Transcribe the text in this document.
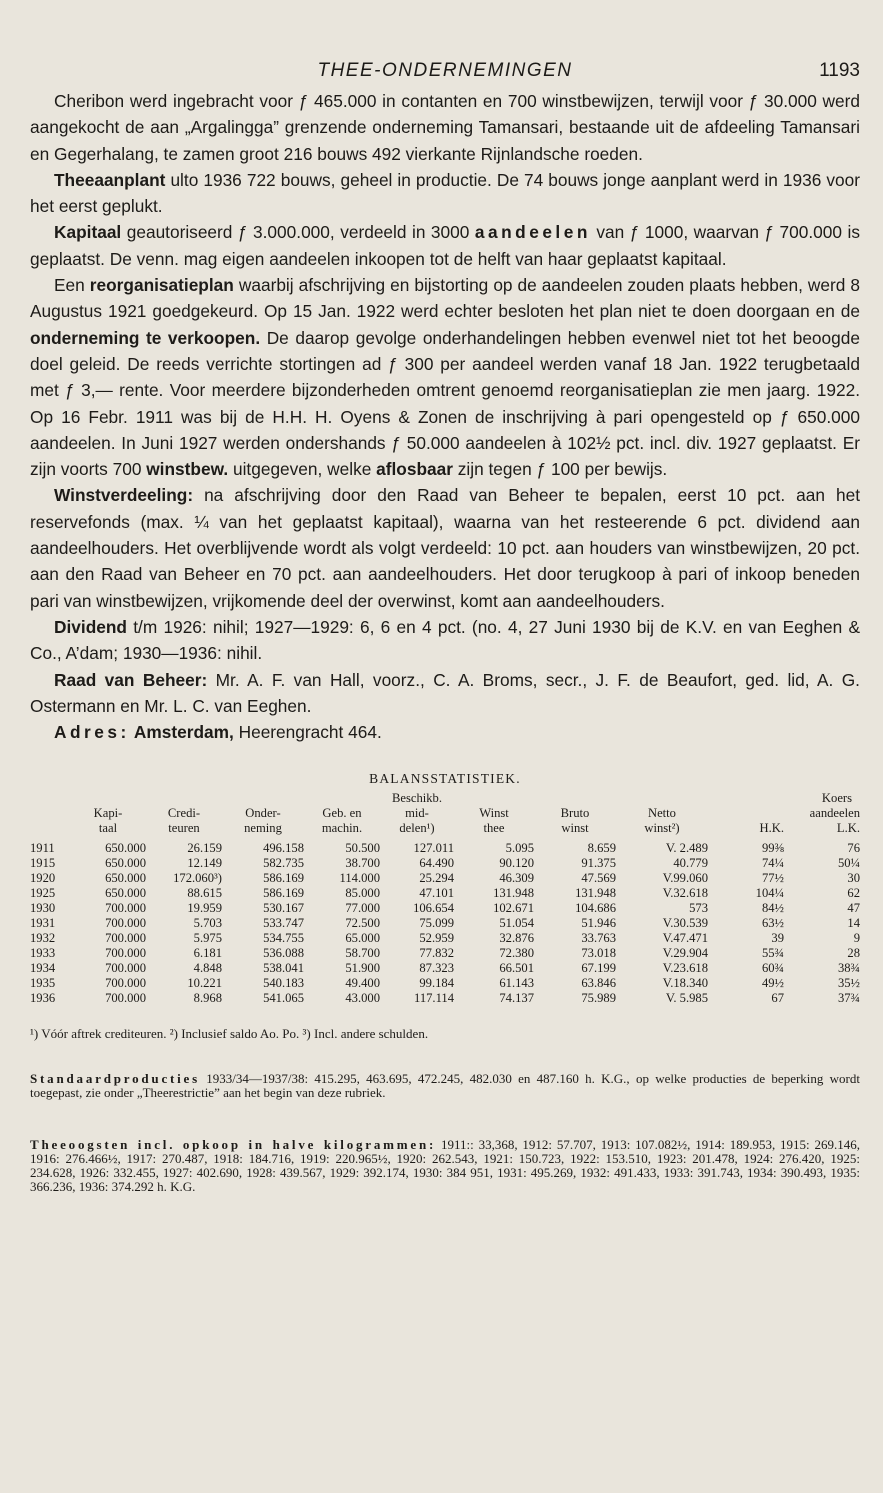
THEE-ONDERNEMINGEN	1193

Cheribon werd ingebracht voor ƒ 465.000 in contanten en 700 winstbewijzen, terwijl voor ƒ 30.000 werd aangekocht de aan „Argalingga” grenzende onderneming Tamansari, bestaande uit de afdeeling Tamansari en Gegerhalang, te zamen groot 216 bouws 492 vierkante Rijnlandsche roeden.

Theeaanplant ulto 1936 722 bouws, geheel in productie. De 74 bouws jonge aanplant werd in 1936 voor het eerst geplukt.

Kapitaal geautoriseerd ƒ 3.000.000, verdeeld in 3000 aandeelen van ƒ 1000, waarvan ƒ 700.000 is geplaatst. De venn. mag eigen aandeelen inkoopen tot de helft van haar geplaatst kapitaal.

Een reorganisatieplan waarbij afschrijving en bijstorting op de aandeelen zouden plaats hebben, werd 8 Augustus 1921 goedgekeurd. Op 15 Jan. 1922 werd echter besloten het plan niet te doen doorgaan en de onderneming te verkoopen. De daarop gevolge onderhandelingen hebben evenwel niet tot het beoogde doel geleid. De reeds verrichte stortingen ad ƒ 300 per aandeel werden vanaf 18 Jan. 1922 terugbetaald met ƒ 3,— rente. Voor meerdere bijzonderheden omtrent genoemd reorganisatieplan zie men jaarg. 1922. Op 16 Febr. 1911 was bij de H.H. H. Oyens & Zonen de inschrijving à pari opengesteld op ƒ 650.000 aandeelen. In Juni 1927 werden ondershands ƒ 50.000 aandeelen à 102½ pct. incl. div. 1927 geplaatst. Er zijn voorts 700 winstbew. uitgegeven, welke aflosbaar zijn tegen ƒ 100 per bewijs.

Winstverdeeling: na afschrijving door den Raad van Beheer te bepalen, eerst 10 pct. aan het reservefonds (max. ¼ van het geplaatst kapitaal), waarna van het resteerende 6 pct. dividend aan aandeelhouders. Het overblijvende wordt als volgt verdeeld: 10 pct. aan houders van winstbewijzen, 20 pct. aan den Raad van Beheer en 70 pct. aan aandeelhouders. Het door terugkoop à pari of inkoop beneden pari van winstbewijzen, vrijkomende deel der overwinst, komt aan aandeelhouders.

Dividend t/m 1926: nihil; 1927—1929: 6, 6 en 4 pct. (no. 4, 27 Juni 1930 bij de K.V. en van Eeghen & Co., A’dam; 1930—1936: nihil.

Raad van Beheer: Mr. A. F. van Hall, voorz., C. A. Broms, secr., J. F. de Beaufort, ged. lid, A. G. Ostermann en Mr. L. C. van Eeghen.

Adres: Amsterdam, Heerengracht 464.

BALANSSTATISTIEK.
					Beschikb.				Koers	
	Kapi-	Credi-	Onder-	Geb. en	mid-	Winst	Bruto	Netto	aandeelen	
	taal	teuren	neming	machin.	delen¹)	thee	winst	winst²)	H.K.	L.K.

1911	650.000	26.159	496.158	50.500	127.011	5.095	8.659	V. 2.489	99⅜	76
1915	650.000	12.149	582.735	38.700	64.490	90.120	91.375	40.779	74¼	50¼
1920	650.000	172.060³)	586.169	114.000	25.294	46.309	47.569	V.99.060	77½	30
1925	650.000	88.615	586.169	85.000	47.101	131.948	131.948	V.32.618	104¼	62
1930	700.000	19.959	530.167	77.000	106.654	102.671	104.686	573	84½	47
1931	700.000	5.703	533.747	72.500	75.099	51.054	51.946	V.30.539	63½	14
1932	700.000	5.975	534.755	65.000	52.959	32.876	33.763	V.47.471	39	9
1933	700.000	6.181	536.088	58.700	77.832	72.380	73.018	V.29.904	55¾	28
1934	700.000	4.848	538.041	51.900	87.323	66.501	67.199	V.23.618	60¾	38¾
1935	700.000	10.221	540.183	49.400	99.184	61.143	63.846	V.18.340	49½	35½
1936	700.000	8.968	541.065	43.000	117.114	74.137	75.989	V. 5.985	67	37¾
¹) Vóór aftrek crediteuren. ²) Inclusief saldo Ao. Po. ³) Incl. andere schulden.

Standaardproducties 1933/34—1937/38: 415.295, 463.695, 472.245, 482.030 en 487.160 h. K.G., op welke producties de beperking wordt toegepast, zie onder „Theerestrictie” aan het begin van deze rubriek.

Theeoogsten incl. opkoop in halve kilogrammen: 1911:: 33,368, 1912: 57.707, 1913: 107.082½, 1914: 189.953, 1915: 269.146, 1916: 276.466½, 1917: 270.487, 1918: 184.716, 1919: 220.965½, 1920: 262.543, 1921: 150.723, 1922: 153.510, 1923: 201.478, 1924: 276.420, 1925: 234.628, 1926: 332.455, 1927: 402.690, 1928: 439.567, 1929: 392.174, 1930: 384 951, 1931: 495.269, 1932: 491.433, 1933: 391.743, 1934: 390.493, 1935: 366.236, 1936: 374.292 h. K.G.
